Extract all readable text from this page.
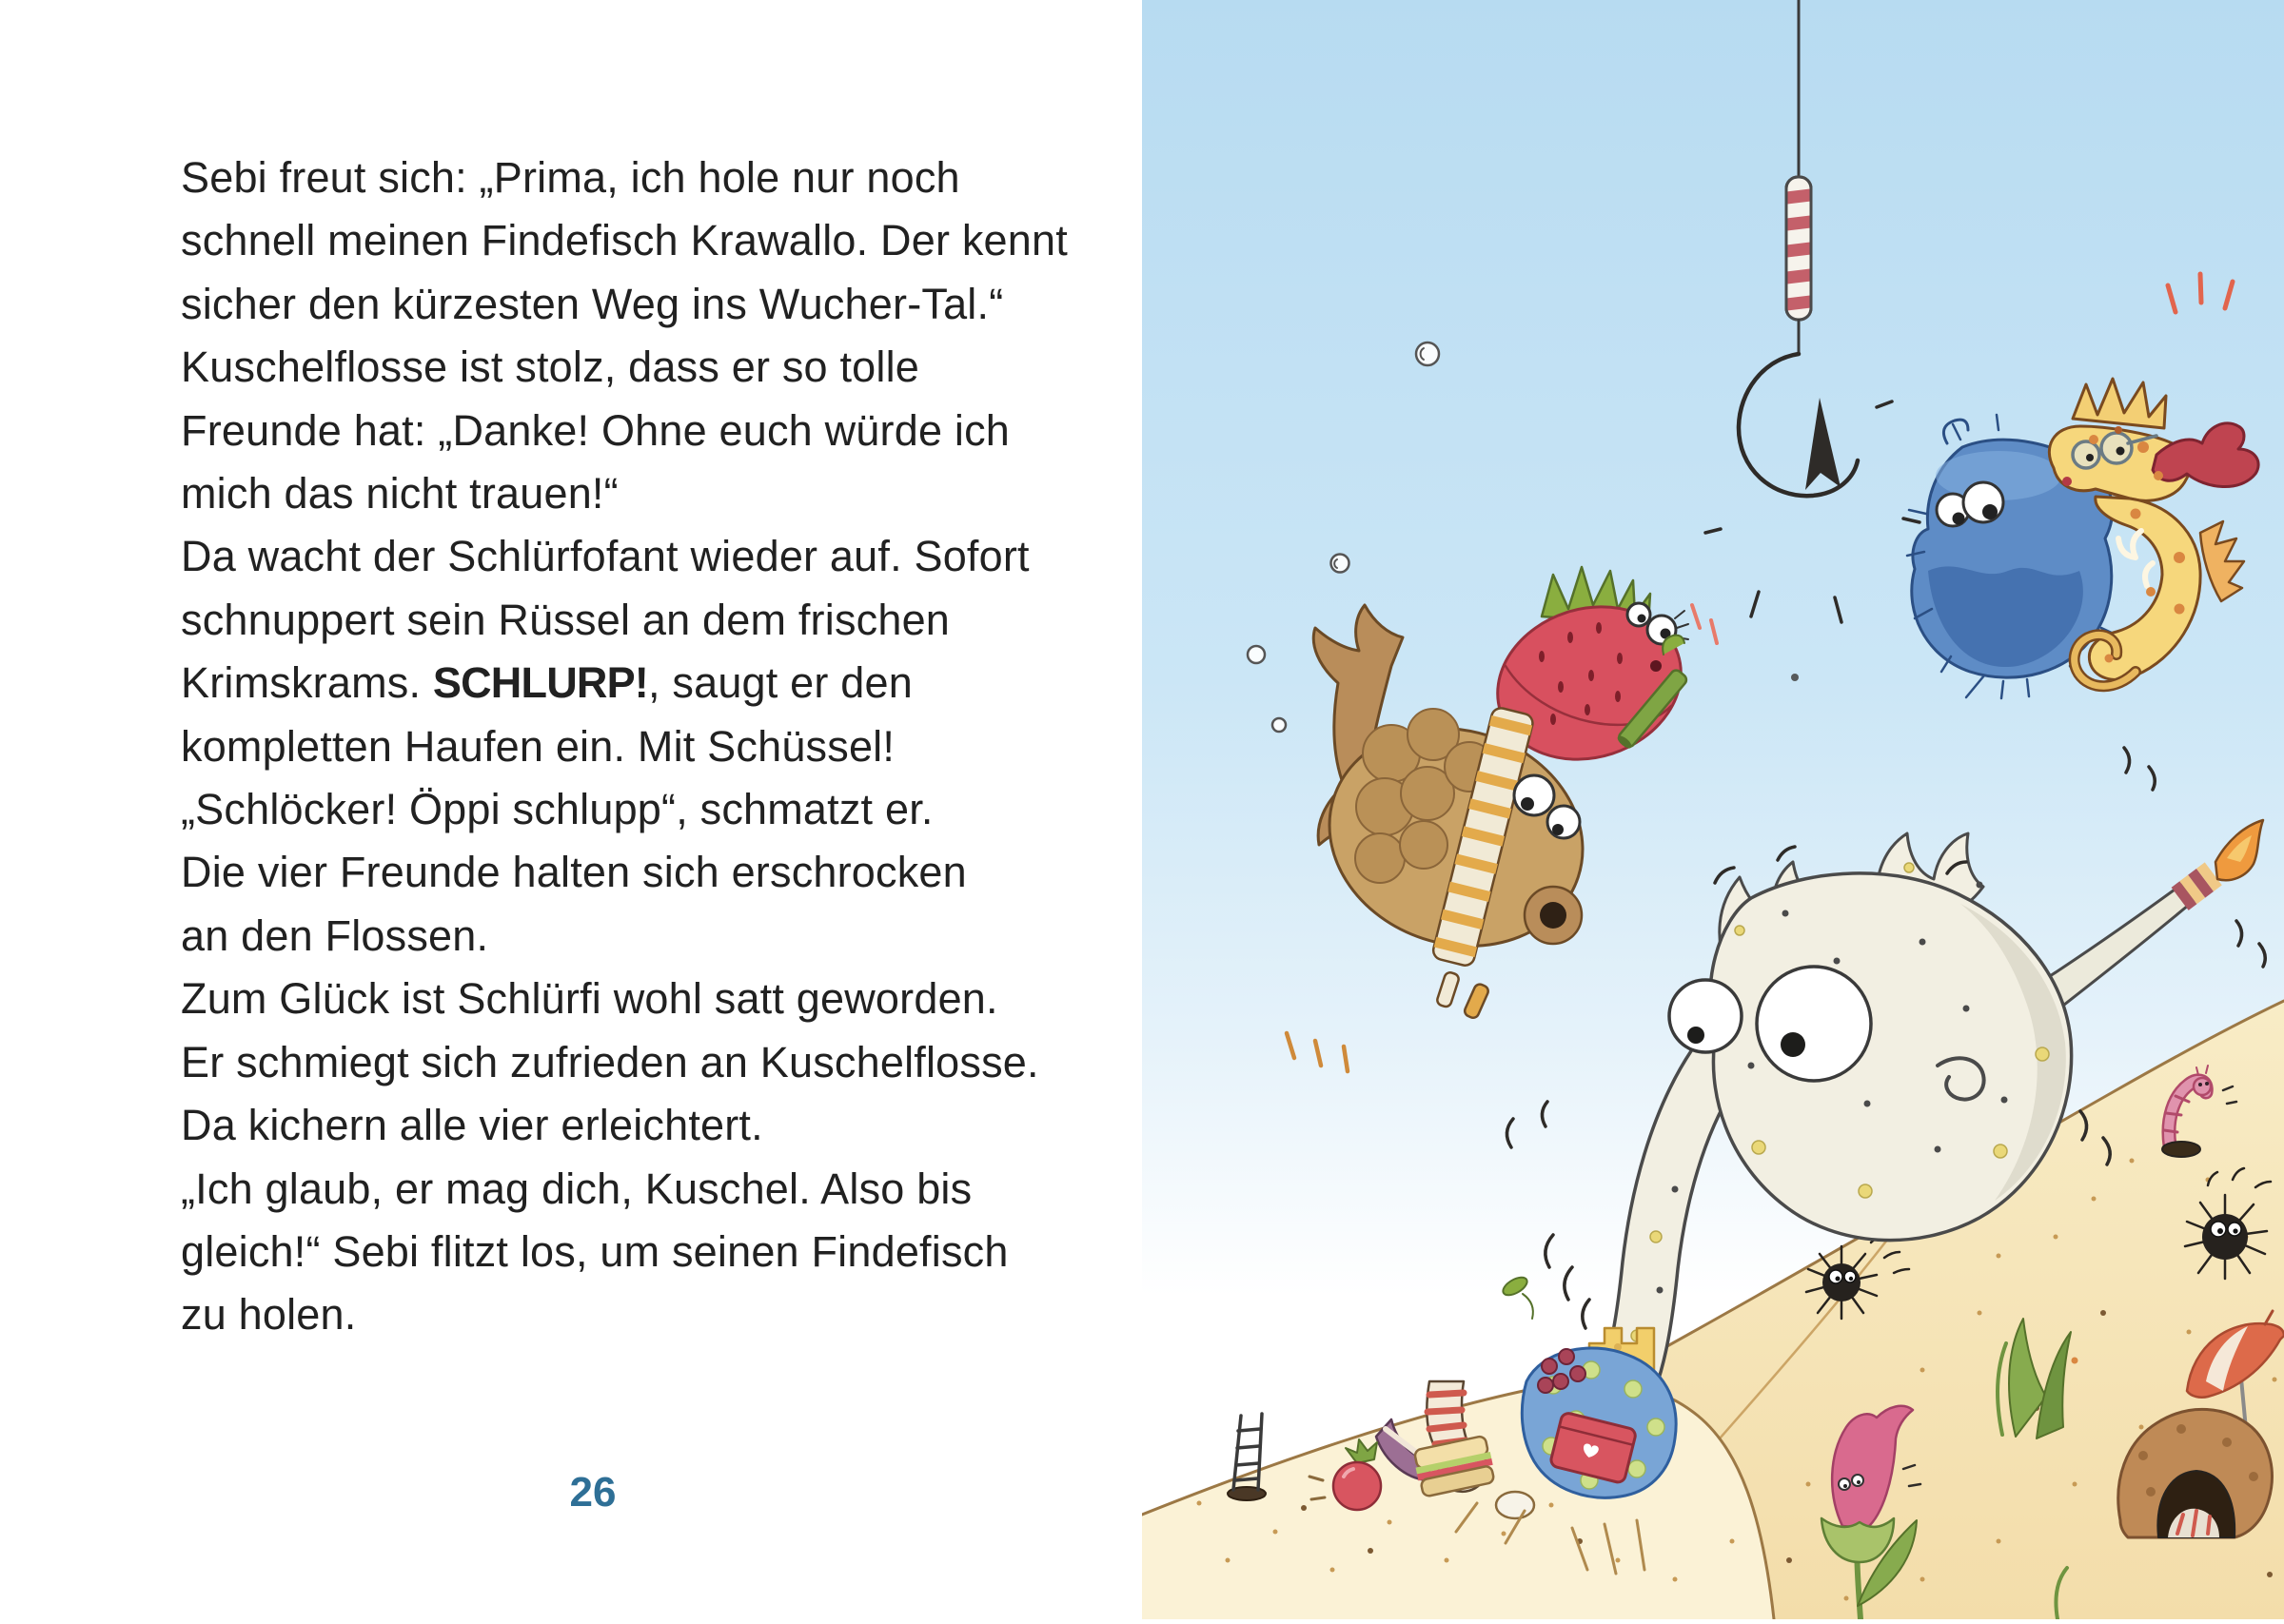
Sebi freut sich: „Prima, ich hole nur noch
schnell meinen Findefisch Krawallo. Der kennt
sicher den kürzesten Weg ins Wucher-Tal.“
Kuschelflosse ist stolz, dass er so tolle
Freunde hat: „Danke! Ohne euch würde ich
mich das nicht trauen!“
Da wacht der Schlürfofant wieder auf. Sofort
schnuppert sein Rüssel an dem frischen
Krimskrams. SCHLURP!, saugt er den
kompletten Haufen ein. Mit Schüssel!
„Schlöcker! Öppi schlupp“, schmatzt er.
Die vier Freunde halten sich erschrocken
an den Flossen.
Zum Glück ist Schlürfi wohl satt geworden.
Er schmiegt sich zufrieden an Kuschelflosse.
Da kichern alle vier erleichtert.
„Ich glaub, er mag dich, Kuschel. Also bis
gleich!“ Sebi flitzt los, um seinen Findefisch
zu holen.
26
